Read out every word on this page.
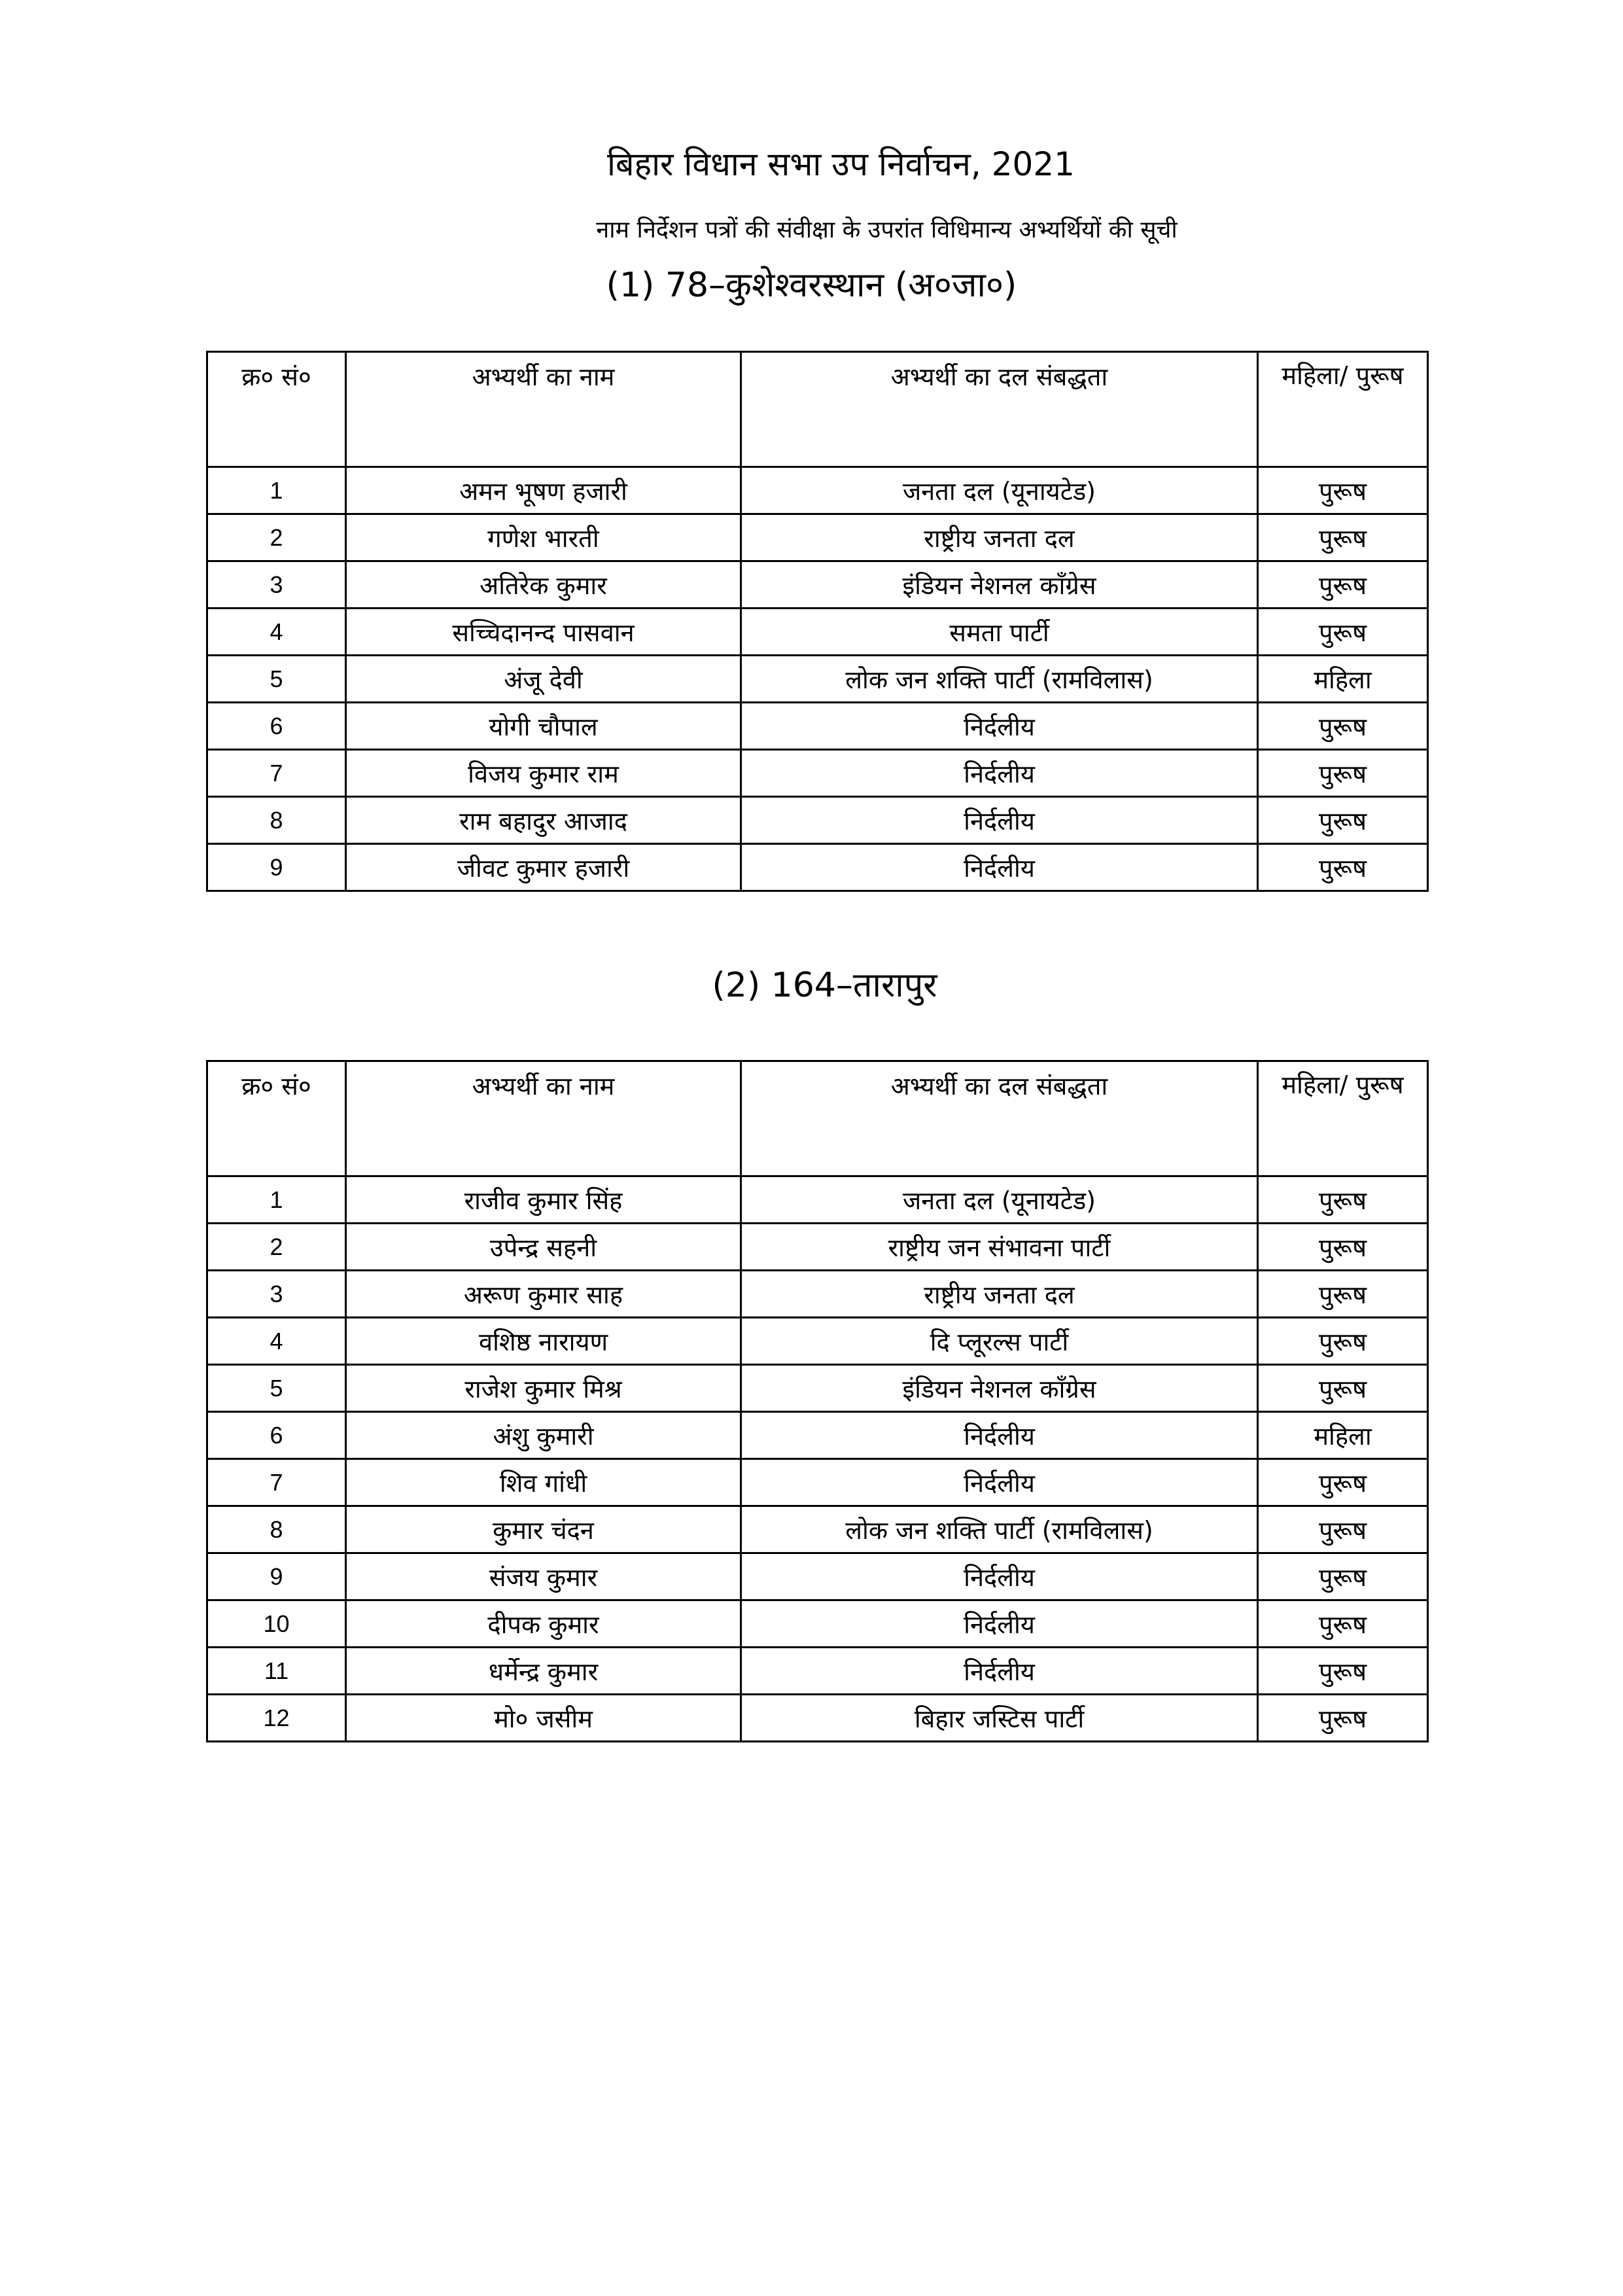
बिहार विधान सभा उप निर्वाचन, 2021
नाम निर्देशन पत्रों की संवीक्षा के उपरांत विधिमान्य अभ्यर्थियों की सूची
(1) 78–कुशेश्वरस्थान (अ०जा०)
क्र० सं०	अभ्यर्थी का नाम	अभ्यर्थी का दल संबद्धता	महिला/ पुरूष
1	अमन भूषण हजारी	जनता दल (यूनायटेड)	पुरूष
2	गणेश भारती	राष्ट्रीय जनता दल	पुरूष
3	अतिरेक कुमार	इंडियन नेशनल काँग्रेस	पुरूष
4	सच्चिदानन्द पासवान	समता पार्टी	पुरूष
5	अंजू देवी	लोक जन शक्ति पार्टी (रामविलास)	महिला
6	योगी चौपाल	निर्दलीय	पुरूष
7	विजय कुमार राम	निर्दलीय	पुरूष
8	राम बहादुर आजाद	निर्दलीय	पुरूष
9	जीवट कुमार हजारी	निर्दलीय	पुरूष
(2) 164–तारापुर
क्र० सं०	अभ्यर्थी का नाम	अभ्यर्थी का दल संबद्धता	महिला/ पुरूष
1	राजीव कुमार सिंह	जनता दल (यूनायटेड)	पुरूष
2	उपेन्द्र सहनी	राष्ट्रीय जन संभावना पार्टी	पुरूष
3	अरूण कुमार साह	राष्ट्रीय जनता दल	पुरूष
4	वशिष्ठ नारायण	दि प्लूरल्स पार्टी	पुरूष
5	राजेश कुमार मिश्र	इंडियन नेशनल काँग्रेस	पुरूष
6	अंशु कुमारी	निर्दलीय	महिला
7	शिव गांधी	निर्दलीय	पुरूष
8	कुमार चंदन	लोक जन शक्ति पार्टी (रामविलास)	पुरूष
9	संजय कुमार	निर्दलीय	पुरूष
10	दीपक कुमार	निर्दलीय	पुरूष
11	धर्मेन्द्र कुमार	निर्दलीय	पुरूष
12	मो० जसीम	बिहार जस्टिस पार्टी	पुरूष
